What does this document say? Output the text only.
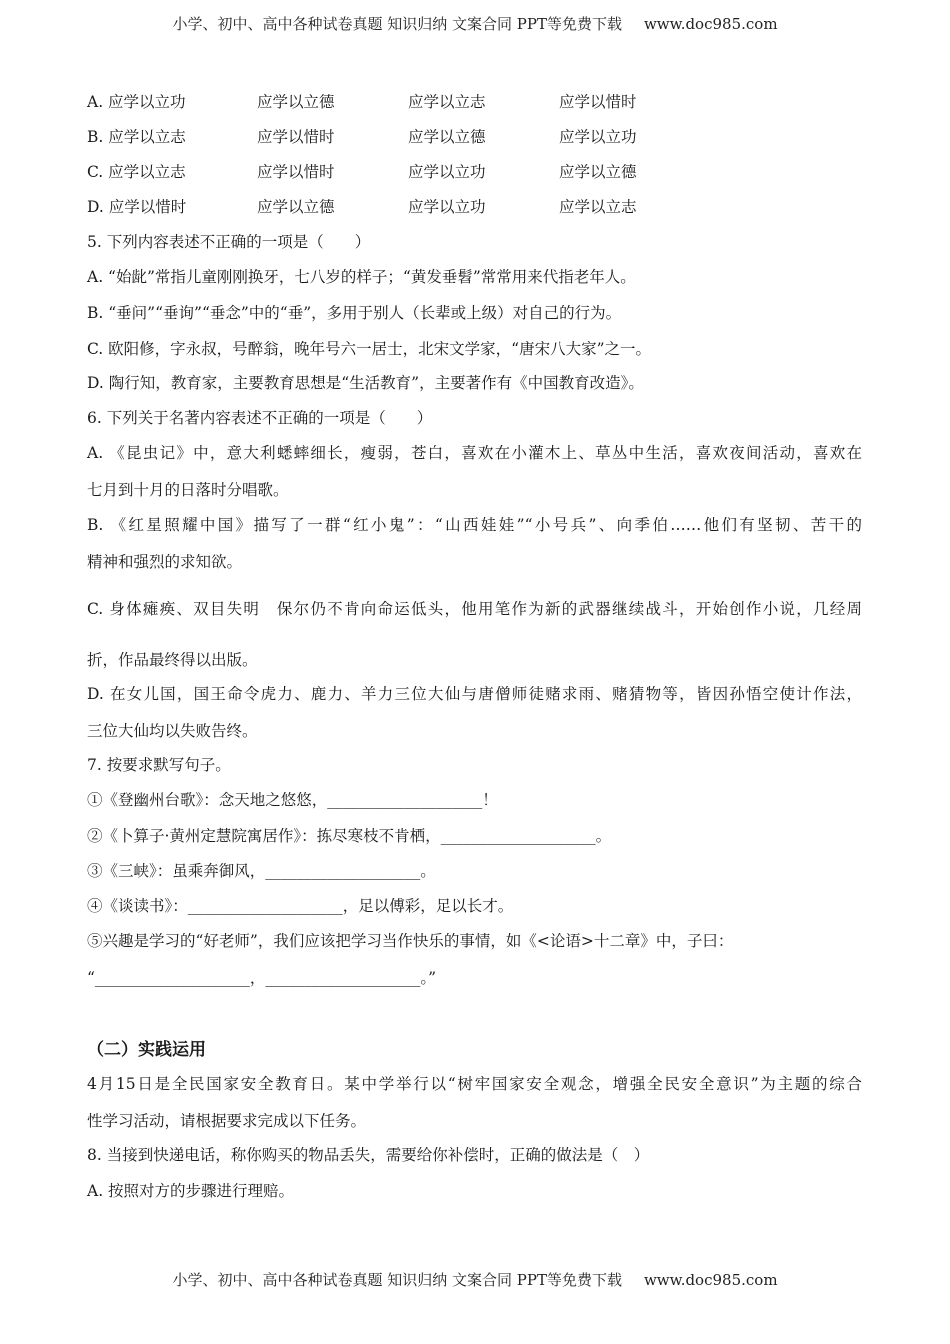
小学、初中、高中各种试卷真题 知识归纳 文案合同 PPT等免费下载 www.doc985.com
A. 应学以立功	应学以立德	应学以立志	应学以惜时
B. 应学以立志	应学以惜时	应学以立德	应学以立功
C. 应学以立志	应学以惜时	应学以立功	应学以立德
D. 应学以惜时	应学以立德	应学以立功	应学以立志
5. 下列内容表述不正确的一项是（　　）
A. “始龀”常指儿童刚刚换牙，七八岁的样子；“黄发垂髫”常常用来代指老年人。
B. “垂问”“垂询”“垂念”中的“垂”，多用于别人（长辈或上级）对自己的行为。
C. 欧阳修，字永叔，号醉翁，晚年号六一居士，北宋文学家，“唐宋八大家”之一。
D. 陶行知，教育家，主要教育思想是“生活教育”，主要著作有《中国教育改造》。
6. 下列关于名著内容表述不正确的一项是（　　）
A. 《昆虫记》中，意大利蟋蟀细长，瘦弱，苍白，喜欢在小灌木上、草丛中生活，喜欢夜间活动，喜欢在
七月到十月的日落时分唱歌。
B. 《红星照耀中国》描写了一群“红小鬼”：“山西娃娃”“小号兵”、向季伯……他们有坚韧、苦干的
精神和强烈的求知欲。
C. 身体瘫痪、双目失明　保尔仍不肯向命运低头，他用笔作为新的武器继续战斗，开始创作小说，几经周
折，作品最终得以出版。
D. 在女儿国，国王命令虎力、鹿力、羊力三位大仙与唐僧师徒赌求雨、赌猜物等，皆因孙悟空使计作法，
三位大仙均以失败告终。
7. 按要求默写句子。
①《登幽州台歌》：念天地之悠悠，____________________！
②《卜算子·黄州定慧院寓居作》：拣尽寒枝不肯栖，____________________。
③《三峡》：虽乘奔御风，____________________。
④《谈读书》：____________________，足以傅彩，足以长才。
⑤兴趣是学习的“好老师”，我们应该把学习当作快乐的事情，如《<论语>十二章》中，子曰：
“____________________，____________________。”
（二）实践运用
4月15日是全民国家安全教育日。某中学举行以“树牢国家安全观念，增强全民安全意识”为主题的综合
性学习活动，请根据要求完成以下任务。
8. 当接到快递电话，称你购买的物品丢失，需要给你补偿时，正确的做法是（　）
A. 按照对方的步骤进行理赔。
小学、初中、高中各种试卷真题 知识归纳 文案合同 PPT等免费下载 www.doc985.com
